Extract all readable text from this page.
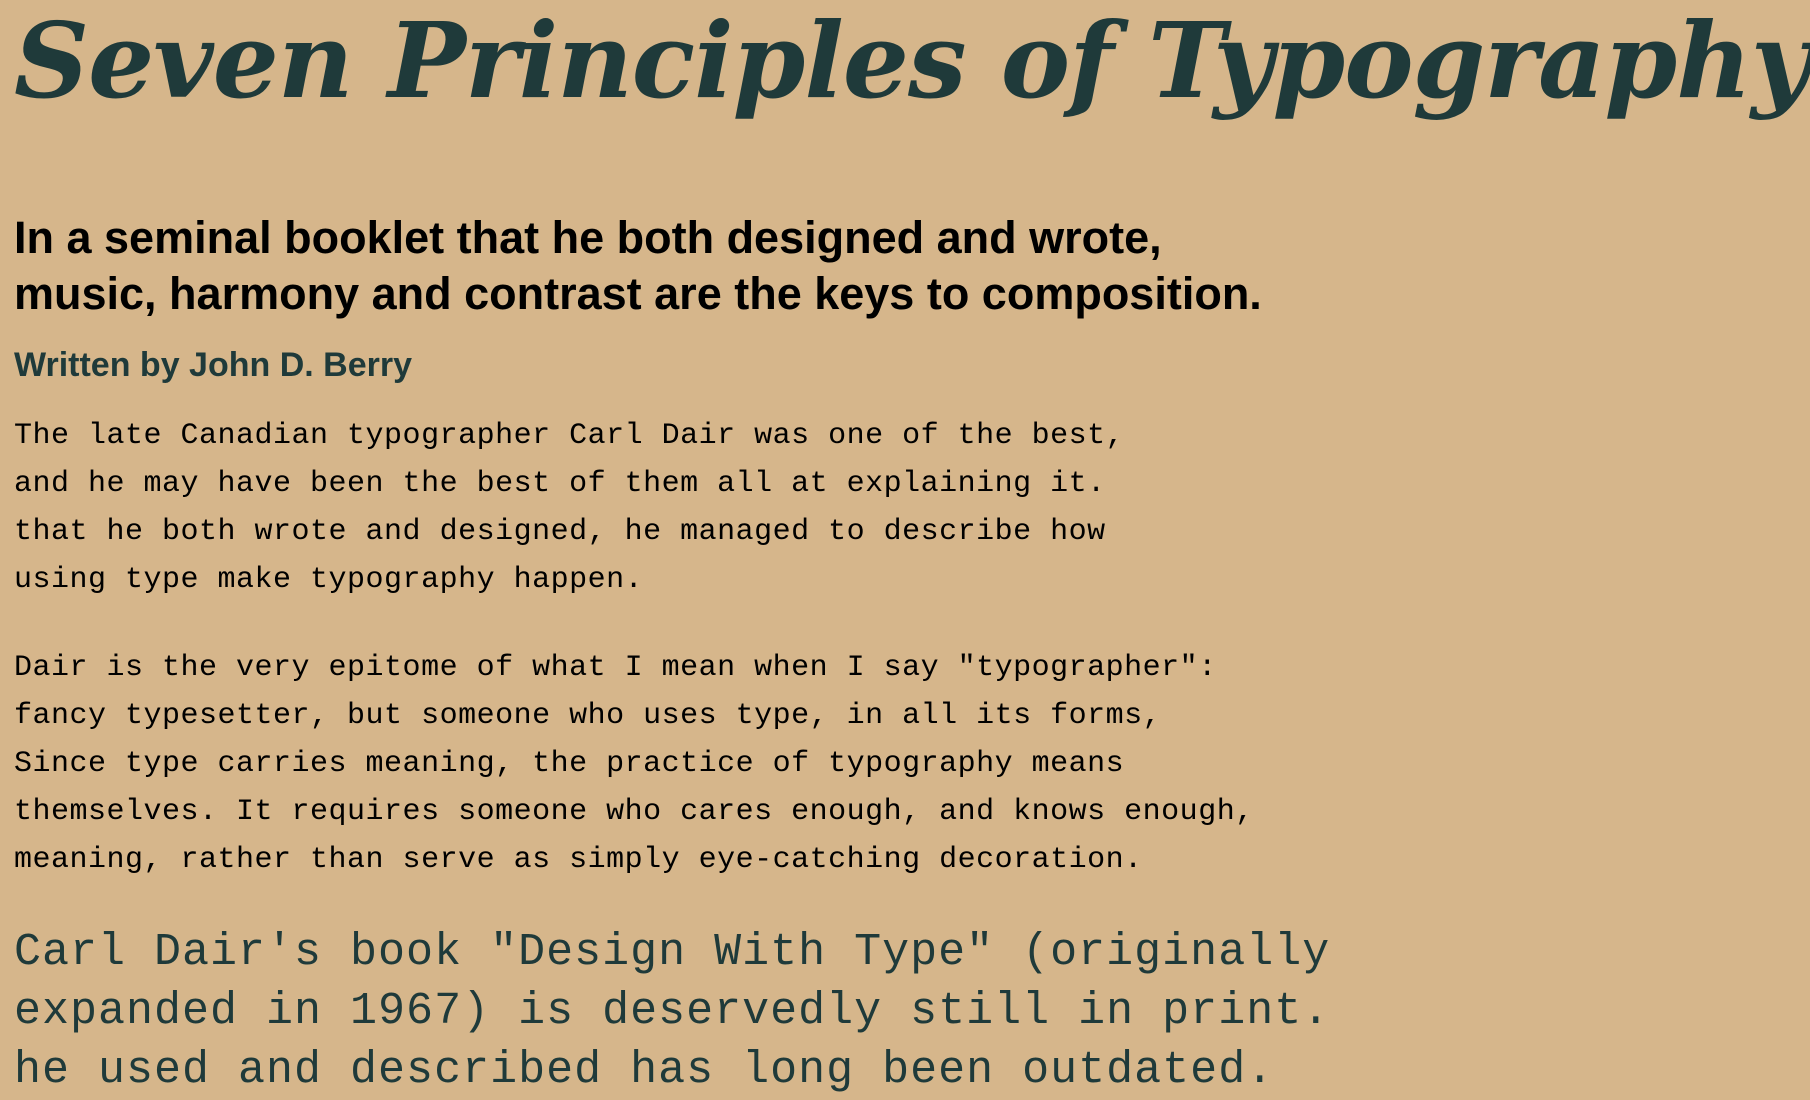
Seven Principles of Typography

In a seminal booklet that he both designed and wrote,

music, harmony and contrast are the keys to composition.

Written by John D. Berry

The late Canadian typographer Carl Dair was one of the best,

and he may have been the best of them all at explaining it.

that he both wrote and designed, he managed to describe how

using type make typography happen.

Dair is the very epitome of what I mean when I say "typographer":

fancy typesetter, but someone who uses type, in all its forms,

Since type carries meaning, the practice of typography means

themselves. It requires someone who cares enough, and knows enough,

meaning, rather than serve as simply eye-catching decoration.

Carl Dair's book "Design With Type" (originally

expanded in 1967) is deservedly still in print.

he used and described has long been outdated.
